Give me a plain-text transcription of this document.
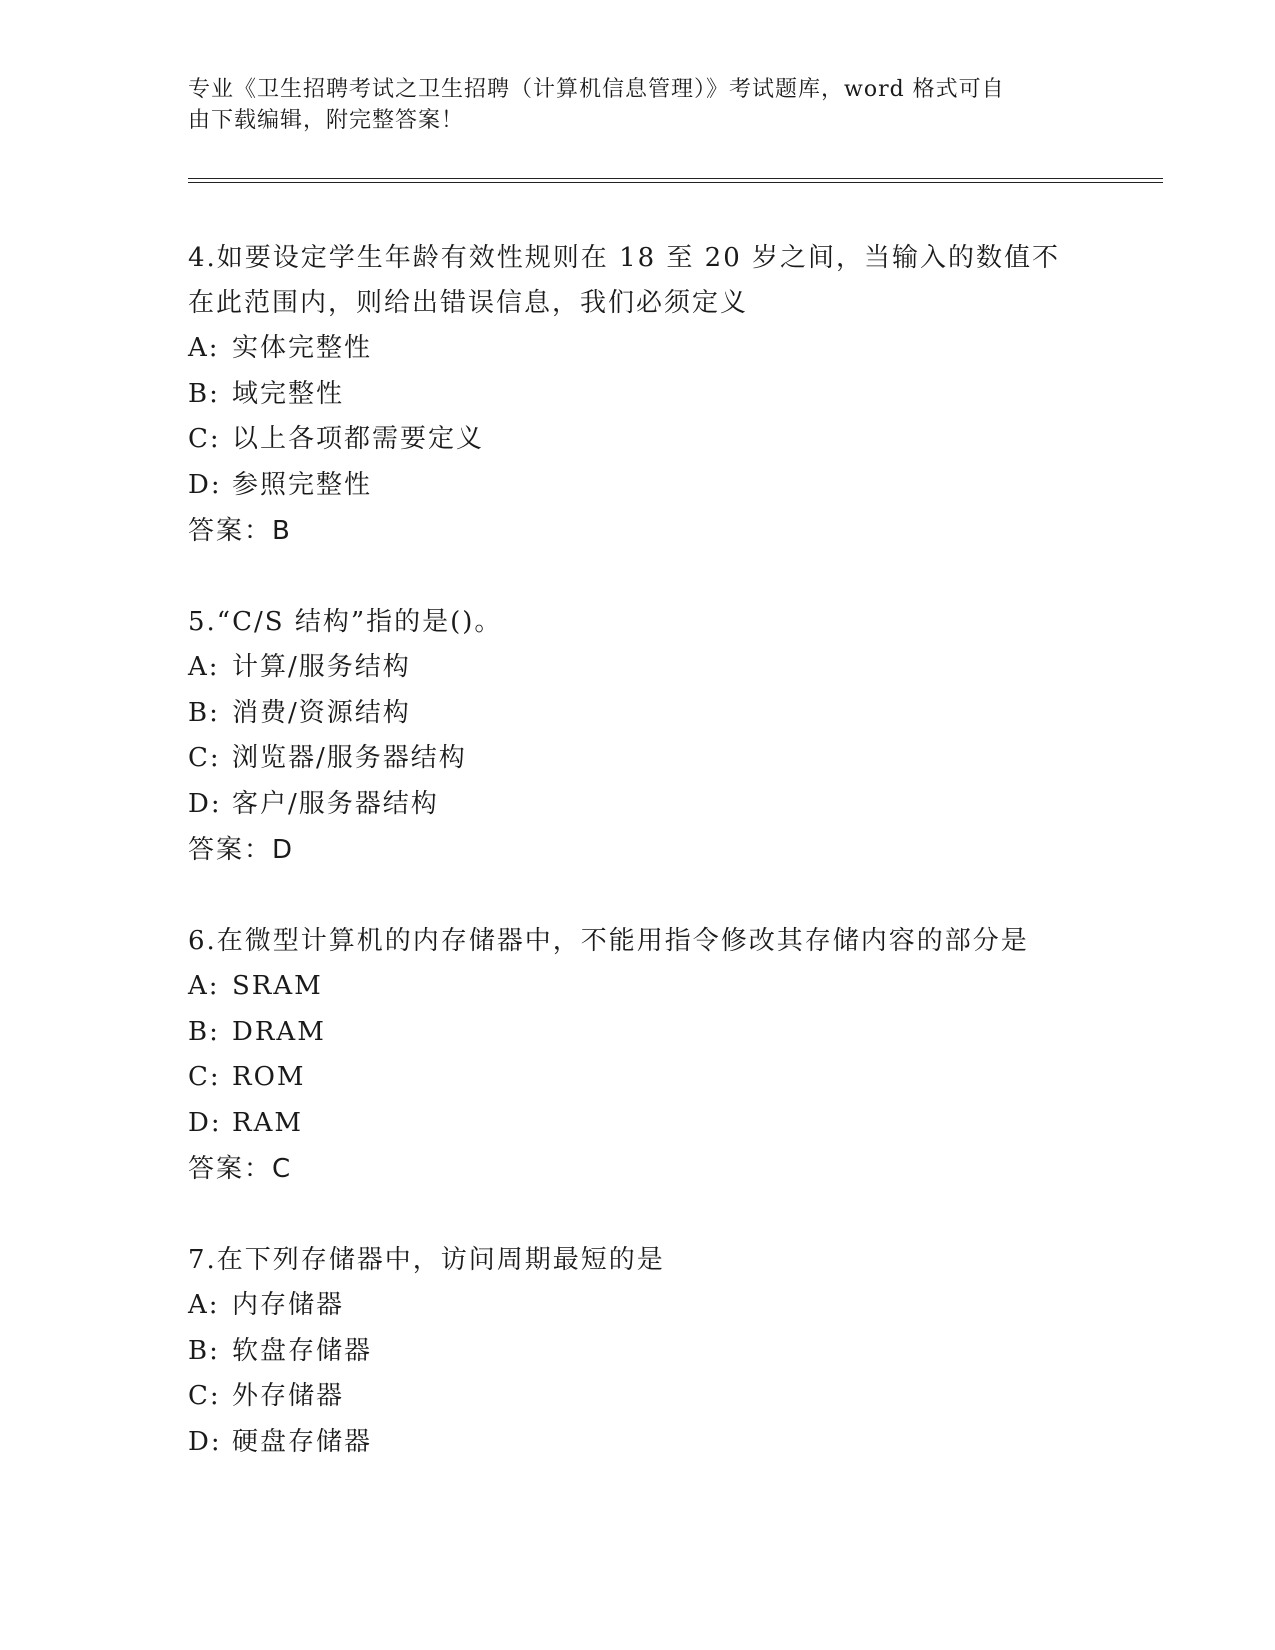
专业《卫生招聘考试之卫生招聘（计算机信息管理）》考试题库，word 格式可自
由下载编辑，附完整答案！

4.如要设定学生年龄有效性规则在 18 至 20 岁之间，当输入的数值不
在此范围内，则给出错误信息，我们必须定义

A: 实体完整性

B: 域完整性

C: 以上各项都需要定义

D: 参照完整性

答案：B

5.“C/S 结构”指的是()。

A: 计算/服务结构

B: 消费/资源结构

C: 浏览器/服务器结构

D: 客户/服务器结构

答案：D

6.在微型计算机的内存储器中，不能用指令修改其存储内容的部分是

A: SRAM

B: DRAM

C: ROM

D: RAM

答案：C

7.在下列存储器中，访问周期最短的是

A: 内存储器

B: 软盘存储器

C: 外存储器

D: 硬盘存储器
